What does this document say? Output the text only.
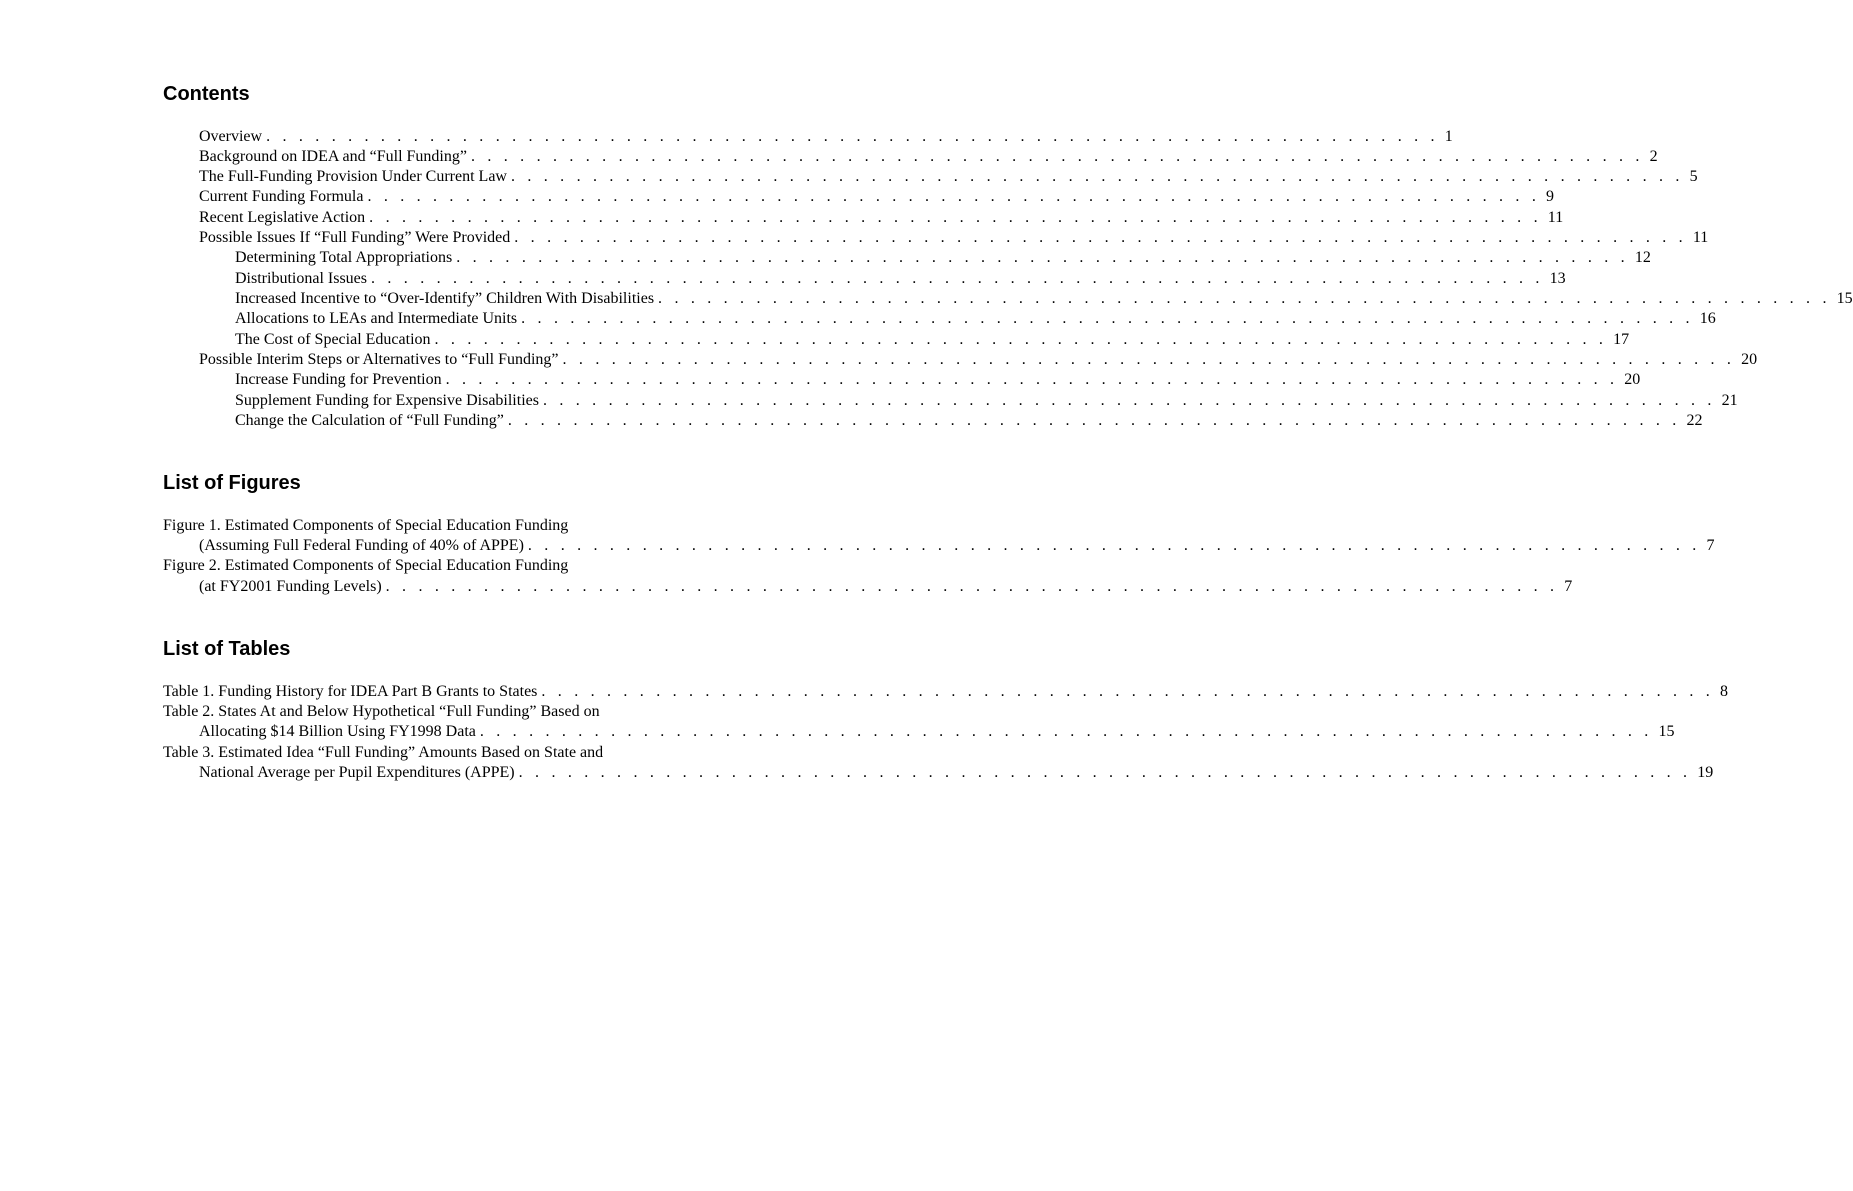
Contents
Overview . . . . . . . . . . . . . . . . . . . . . . . . . . . . . . . . . . . . . . . . . . . . . . . . . . . . . . . . . . . . . . . . . . . . . . . . 1
Background on IDEA and “Full Funding” . . . . . . . . . . . . . . . . . . . . . . . . . . . . . . . . . . . . . . . . . . . . . . . . . . . . . . . . . . . . . . . . . . . . . . . . 2
The Full-Funding Provision Under Current Law . . . . . . . . . . . . . . . . . . . . . . . . . . . . . . . . . . . . . . . . . . . . . . . . . . . . . . . . . . . . . . . . . . . . . . . . 5
Current Funding Formula . . . . . . . . . . . . . . . . . . . . . . . . . . . . . . . . . . . . . . . . . . . . . . . . . . . . . . . . . . . . . . . . . . . . . . . . 9
Recent Legislative Action . . . . . . . . . . . . . . . . . . . . . . . . . . . . . . . . . . . . . . . . . . . . . . . . . . . . . . . . . . . . . . . . . . . . . . . . 11
Possible Issues If “Full Funding” Were Provided . . . . . . . . . . . . . . . . . . . . . . . . . . . . . . . . . . . . . . . . . . . . . . . . . . . . . . . . . . . . . . . . . . . . . . . . 11
Determining Total Appropriations . . . . . . . . . . . . . . . . . . . . . . . . . . . . . . . . . . . . . . . . . . . . . . . . . . . . . . . . . . . . . . . . . . . . . . . . 12
Distributional Issues . . . . . . . . . . . . . . . . . . . . . . . . . . . . . . . . . . . . . . . . . . . . . . . . . . . . . . . . . . . . . . . . . . . . . . . . 13
Increased Incentive to “Over-Identify” Children With Disabilities . . . . . . . . . . . . . . . . . . . . . . . . . . . . . . . . . . . . . . . . . . . . . . . . . . . . . . . . . . . . . . . . . . . . . . . . 15
Allocations to LEAs and Intermediate Units . . . . . . . . . . . . . . . . . . . . . . . . . . . . . . . . . . . . . . . . . . . . . . . . . . . . . . . . . . . . . . . . . . . . . . . . 16
The Cost of Special Education . . . . . . . . . . . . . . . . . . . . . . . . . . . . . . . . . . . . . . . . . . . . . . . . . . . . . . . . . . . . . . . . . . . . . . . . 17
Possible Interim Steps or Alternatives to “Full Funding” . . . . . . . . . . . . . . . . . . . . . . . . . . . . . . . . . . . . . . . . . . . . . . . . . . . . . . . . . . . . . . . . . . . . . . . . 20
Increase Funding for Prevention . . . . . . . . . . . . . . . . . . . . . . . . . . . . . . . . . . . . . . . . . . . . . . . . . . . . . . . . . . . . . . . . . . . . . . . . 20
Supplement Funding for Expensive Disabilities . . . . . . . . . . . . . . . . . . . . . . . . . . . . . . . . . . . . . . . . . . . . . . . . . . . . . . . . . . . . . . . . . . . . . . . . 21
Change the Calculation of “Full Funding” . . . . . . . . . . . . . . . . . . . . . . . . . . . . . . . . . . . . . . . . . . . . . . . . . . . . . . . . . . . . . . . . . . . . . . . . 22
List of Figures
Figure 1. Estimated Components of Special Education Funding
(Assuming Full Federal Funding of 40% of APPE) . . . . . . . . . . . . . . . . . . . . . . . . . . . . . . . . . . . . . . . . . . . . . . . . . . . . . . . . . . . . . . . . . . . . . . . . 7
Figure 2. Estimated Components of Special Education Funding
(at FY2001 Funding Levels) . . . . . . . . . . . . . . . . . . . . . . . . . . . . . . . . . . . . . . . . . . . . . . . . . . . . . . . . . . . . . . . . . . . . . . . . 7
List of Tables
Table 1. Funding History for IDEA Part B Grants to States . . . . . . . . . . . . . . . . . . . . . . . . . . . . . . . . . . . . . . . . . . . . . . . . . . . . . . . . . . . . . . . . . . . . . . . . 8
Table 2. States At and Below Hypothetical “Full Funding” Based on
Allocating $14 Billion Using FY1998 Data . . . . . . . . . . . . . . . . . . . . . . . . . . . . . . . . . . . . . . . . . . . . . . . . . . . . . . . . . . . . . . . . . . . . . . . . 15
Table 3. Estimated Idea “Full Funding” Amounts Based on State and
National Average per Pupil Expenditures (APPE) . . . . . . . . . . . . . . . . . . . . . . . . . . . . . . . . . . . . . . . . . . . . . . . . . . . . . . . . . . . . . . . . . . . . . . . . 19
